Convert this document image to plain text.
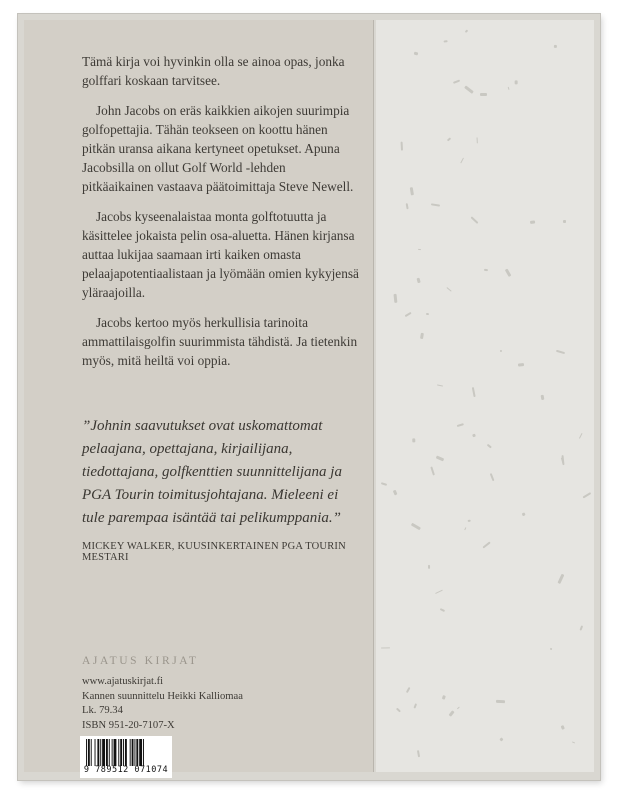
Tämä kirja voi hyvinkin olla se ainoa opas, jonka golffari koskaan tarvitsee.

John Jacobs on eräs kaikkien aikojen suurimpia golfopettajia. Tähän teokseen on koottu hänen pitkän uransa aikana kertyneet opetukset. Apuna Jacobsilla on ollut Golf World -lehden pitkäaikainen vastaava päätoimittaja Steve Newell.

Jacobs kyseenalaistaa monta golftotuutta ja käsittelee jokaista pelin osa-aluetta. Hänen kirjansa auttaa lukijaa saamaan irti kaiken omasta pelaajapotentiaalistaan ja lyömään omien kykyjensä yläraajoilla.

Jacobs kertoo myös herkullisia tarinoita ammattilaisgolfin suurimmista tähdistä. Ja tietenkin myös, mitä heiltä voi oppia.

”Johnin saavutukset ovat uskomattomat pelaajana, opettajana, kirjailijana, tiedottajana, golfkenttien suunnittelijana ja PGA Tourin toimitusjohtajana. Mieleeni ei tule parempaa isäntää tai pelikumppania.”
MICKEY WALKER, KUUSINKERTAINEN PGA TOURIN MESTARI
AJATUS KIRJAT
www.ajatuskirjat.fi
Kannen suunnittelu Heikki Kalliomaa
Lk. 79.34
ISBN 951-20-7107-X
9 789512 071074
